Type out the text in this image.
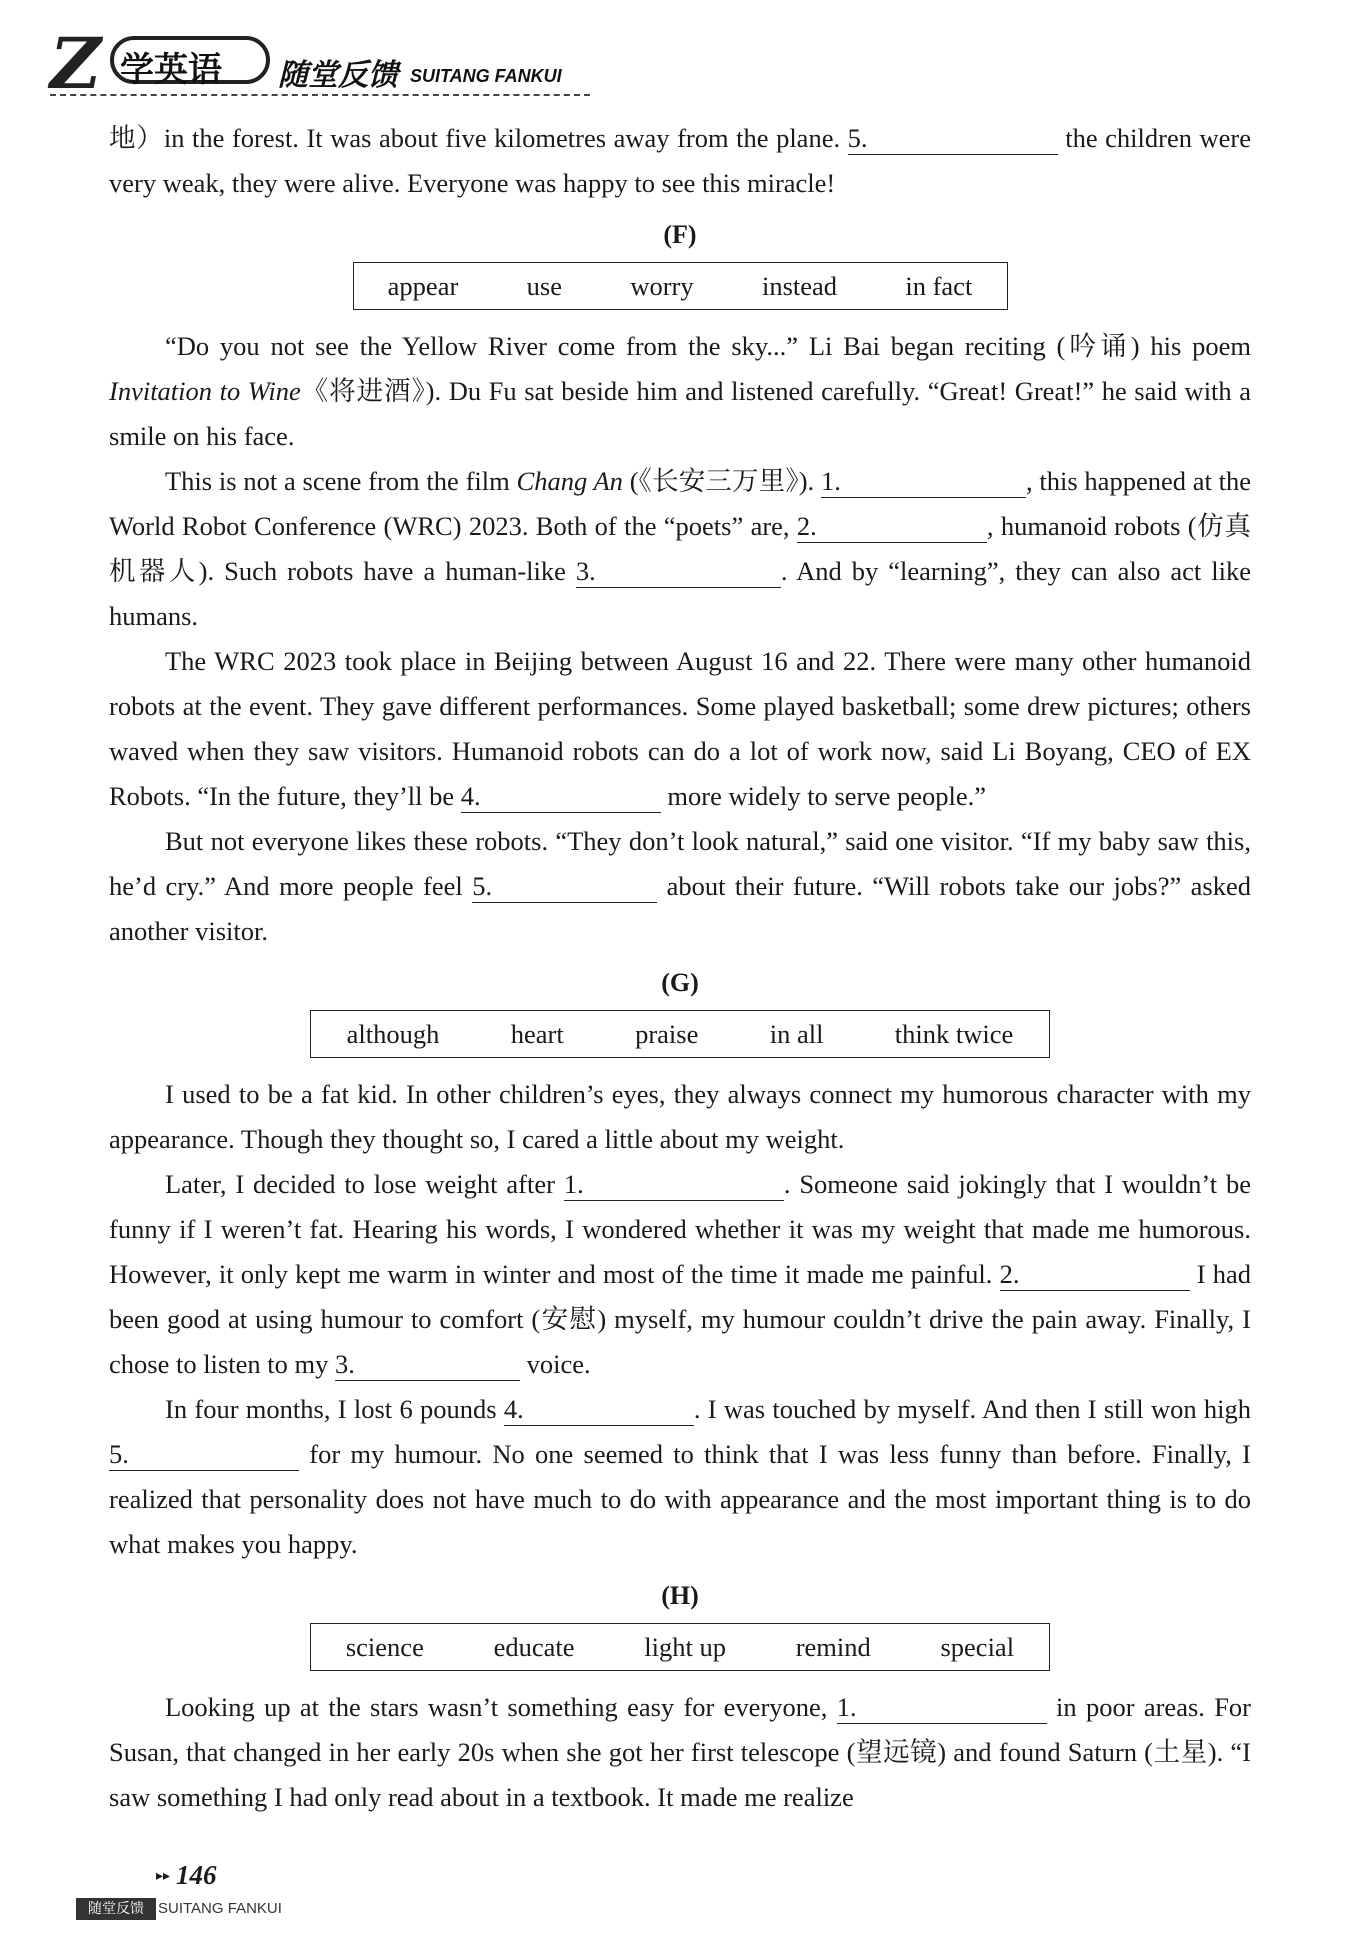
Z 学英语 随堂反馈 SUITANG FANKUI

地）in the forest. It was about five kilometres away from the plane. 5.	the children were very weak, they were alive. Everyone was happy to see this miracle!

(F)
appear	use	worry	instead	in fact

“Do you not see the Yellow River come from the sky...” Li Bai began reciting (吟诵) his poem Invitation to Wine《将进酒》). Du Fu sat beside him and listened carefully. “Great! Great!” he said with a smile on his face.

This is not a scene from the film Chang An (《长安三万里》). 1.	, this happened at the World Robot Conference (WRC) 2023. Both of the “poets” are, 2.	, humanoid robots (仿真机器人). Such robots have a human-like 3.	. And by “learning”, they can also act like humans.

The WRC 2023 took place in Beijing between August 16 and 22. There were many other humanoid robots at the event. They gave different performances. Some played basketball; some drew pictures; others waved when they saw visitors. Humanoid robots can do a lot of work now, said Li Boyang, CEO of EX Robots. “In the future, they’ll be 4.	more widely to serve people.”

But not everyone likes these robots. “They don’t look natural,” said one visitor. “If my baby saw this, he’d cry.” And more people feel 5.	about their future. “Will robots take our jobs?” asked another visitor.

(G)
although	heart	praise	in all	think twice

I used to be a fat kid. In other children’s eyes, they always connect my humorous character with my appearance. Though they thought so, I cared a little about my weight.

Later, I decided to lose weight after 1.	. Someone said jokingly that I wouldn’t be funny if I weren’t fat. Hearing his words, I wondered whether it was my weight that made me humorous. However, it only kept me warm in winter and most of the time it made me painful. 2.	I had been good at using humour to comfort (安慰) myself, my humour couldn’t drive the pain away. Finally, I chose to listen to my 3.	voice.

In four months, I lost 6 pounds 4.	. I was touched by myself. And then I still won high 5.	for my humour. No one seemed to think that I was less funny than before. Finally, I realized that personality does not have much to do with appearance and the most important thing is to do what makes you happy.

(H)
science	educate	light up	remind	special

Looking up at the stars wasn’t something easy for everyone, 1.	in poor areas. For Susan, that changed in her early 20s when she got her first telescope (望远镜) and found Saturn (土星). “I saw something I had only read about in a textbook. It made me realize

▸▸ 146
随堂反馈 SUITANG FANKUI
